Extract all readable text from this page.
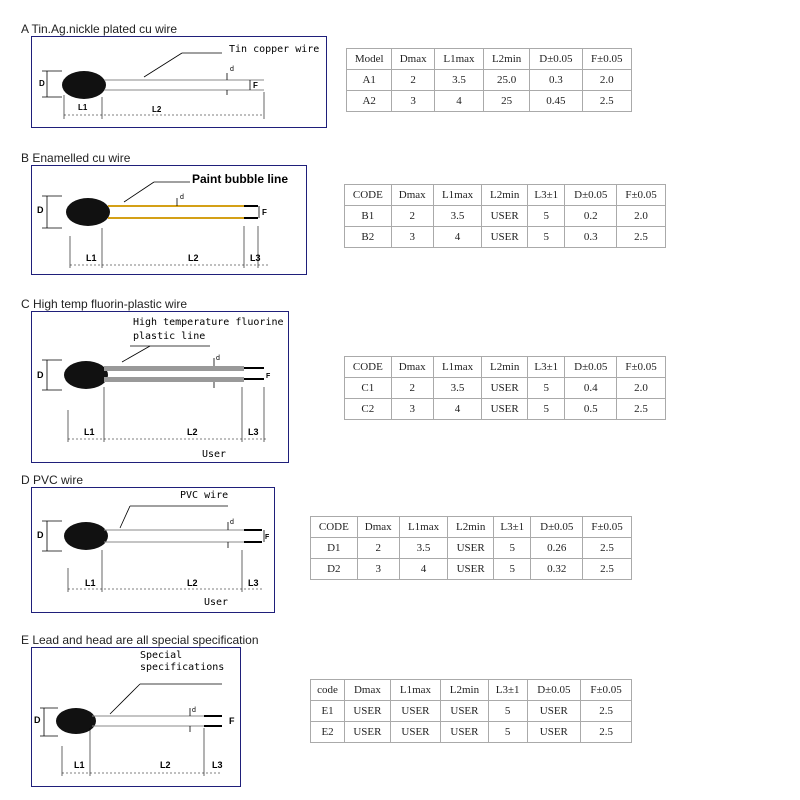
A Tin.Ag.nickle plated cu wire
Tin copper wire
D
d
F
L1	L2
Model	Dmax	L1max	L2min	D±0.05	F±0.05
A1	2	3.5	25.0	0.3	2.0
A2	3	4	25	0.45	2.5
B Enamelled cu wire
Paint bubble line
D
d
F
L1	L2	L3
CODE	Dmax	L1max	L2min	L3±1	D±0.05	F±0.05
B1	2	3.5	USER	5	0.2	2.0
B2	3	4	USER	5	0.3	2.5
C High temp fluorin-plastic wire
High temperature fluorine
plastic line
D
d
F
L1	L2	L3
User
CODE	Dmax	L1max	L2min	L3±1	D±0.05	F±0.05
C1	2	3.5	USER	5	0.4	2.0
C2	3	4	USER	5	0.5	2.5
D PVC wire
PVC wire
D
d
F
L1	L2	L3
User
CODE	Dmax	L1max	L2min	L3±1	D±0.05	F±0.05
D1	2	3.5	USER	5	0.26	2.5
D2	3	4	USER	5	0.32	2.5
E Lead and head are all special specification
Special
specifications
D
d
F
L1	L2	L3
code	Dmax	L1max	L2min	L3±1	D±0.05	F±0.05
E1	USER	USER	USER	5	USER	2.5
E2	USER	USER	USER	5	USER	2.5
